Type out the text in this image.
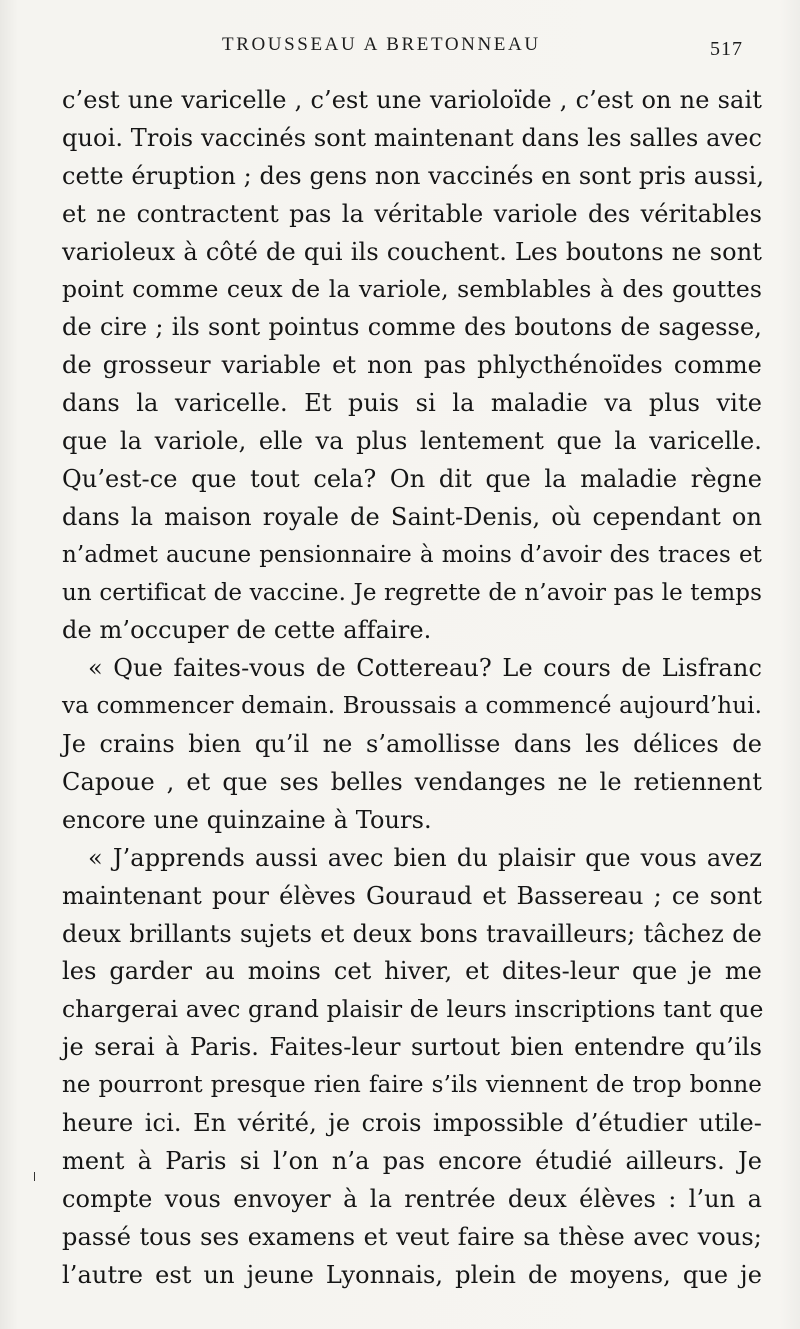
TROUSSEAU A BRETONNEAU	517
c’est une varicelle , c’est une varioloïde , c’est on ne sait
quoi. Trois vaccinés sont maintenant dans les salles avec
cette éruption ; des gens non vaccinés en sont pris aussi,
et ne contractent pas la véritable variole des véritables
varioleux à côté de qui ils couchent. Les boutons ne sont
point comme ceux de la variole, semblables à des gouttes
de cire ; ils sont pointus comme des boutons de sagesse,
de grosseur variable et non pas phlycthénoïdes comme
dans la varicelle. Et puis si la maladie va plus vite
que la variole, elle va plus lentement que la varicelle.
Qu’est-ce que tout cela? On dit que la maladie règne
dans la maison royale de Saint-Denis, où cependant on
n’admet aucune pensionnaire à moins d’avoir des traces et
un certificat de vaccine. Je regrette de n’avoir pas le temps
de m’occuper de cette affaire.
« Que faites-vous de Cottereau? Le cours de Lisfranc
va commencer demain. Broussais a commencé aujourd’hui.
Je crains bien qu’il ne s’amollisse dans les délices de
Capoue , et que ses belles vendanges ne le retiennent
encore une quinzaine à Tours.
« J’apprends aussi avec bien du plaisir que vous avez
maintenant pour élèves Gouraud et Bassereau ; ce sont
deux brillants sujets et deux bons travailleurs; tâchez de
les garder au moins cet hiver, et dites-leur que je me
chargerai avec grand plaisir de leurs inscriptions tant que
je serai à Paris. Faites-leur surtout bien entendre qu’ils
ne pourront presque rien faire s’ils viennent de trop bonne
heure ici. En vérité, je crois impossible d’étudier utile-
ment à Paris si l’on n’a pas encore étudié ailleurs. Je
compte vous envoyer à la rentrée deux élèves : l’un a
passé tous ses examens et veut faire sa thèse avec vous;
l’autre est un jeune Lyonnais, plein de moyens, que je
